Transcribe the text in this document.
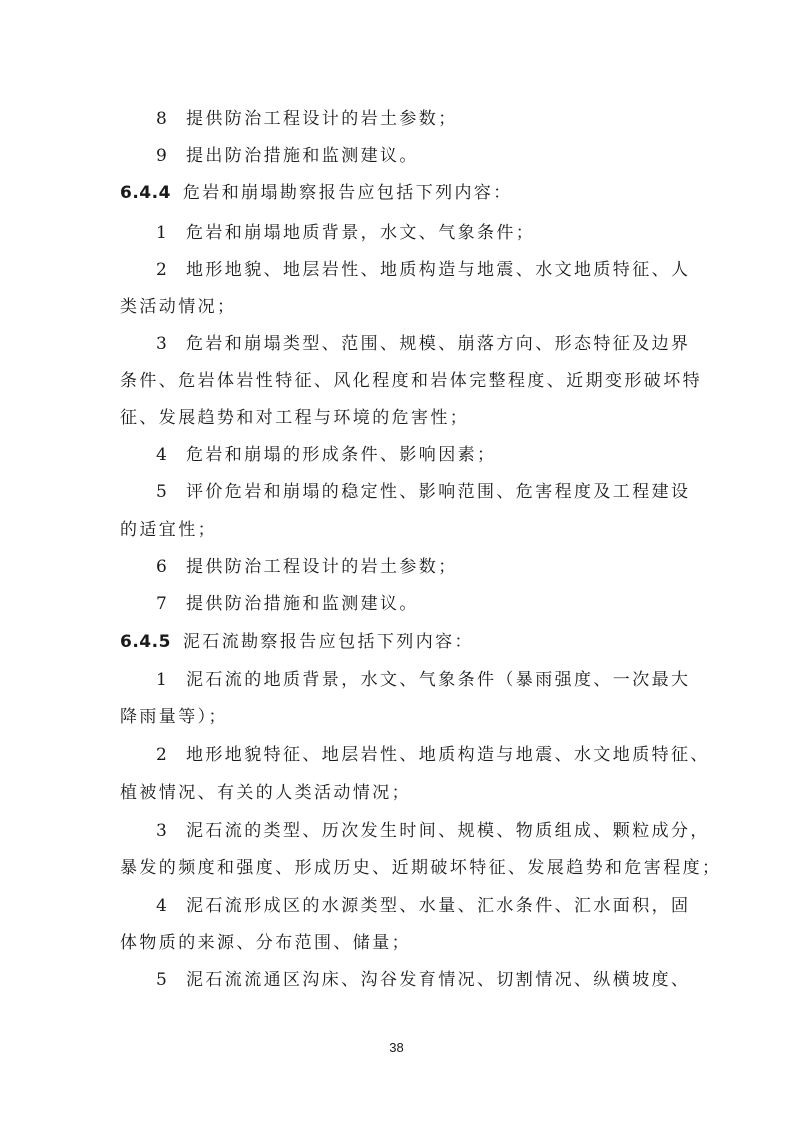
8 提供防治工程设计的岩土参数；
9 提出防治措施和监测建议。
6.4.4 危岩和崩塌勘察报告应包括下列内容：
1 危岩和崩塌地质背景，水文、气象条件；
2 地形地貌、地层岩性、地质构造与地震、水文地质特征、人
类活动情况；
3 危岩和崩塌类型、范围、规模、崩落方向、形态特征及边界
条件、危岩体岩性特征、风化程度和岩体完整程度、近期变形破坏特
征、发展趋势和对工程与环境的危害性；
4 危岩和崩塌的形成条件、影响因素；
5 评价危岩和崩塌的稳定性、影响范围、危害程度及工程建设
的适宜性；
6 提供防治工程设计的岩土参数；
7 提供防治措施和监测建议。
6.4.5 泥石流勘察报告应包括下列内容：
1 泥石流的地质背景，水文、气象条件（暴雨强度、一次最大
降雨量等）；
2 地形地貌特征、地层岩性、地质构造与地震、水文地质特征、
植被情况、有关的人类活动情况；
3 泥石流的类型、历次发生时间、规模、物质组成、颗粒成分，
暴发的频度和强度、形成历史、近期破坏特征、发展趋势和危害程度；
4 泥石流形成区的水源类型、水量、汇水条件、汇水面积，固
体物质的来源、分布范围、储量；
5 泥石流流通区沟床、沟谷发育情况、切割情况、纵横坡度、
38
